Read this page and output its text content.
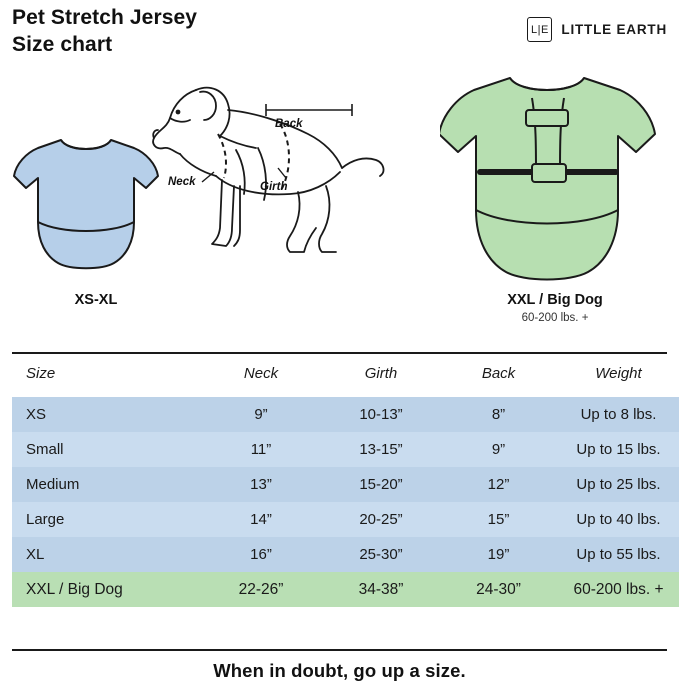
Pet Stretch Jersey
Size chart
L|E LITTLE EARTH
XS-XL
Back
Neck	Girth
XXL / Big Dog
60-200 lbs. +
Size	Neck	Girth	Back	Weight
XS	9”	10-13”	8”	Up to 8 lbs.
Small	11”	13-15”	9”	Up to 15 lbs.
Medium	13”	15-20”	12”	Up to 25 lbs.
Large	14”	20-25”	15”	Up to 40 lbs.
XL	16”	25-30”	19”	Up to 55 lbs.
XXL / Big Dog	22-26”	34-38”	24-30”	60-200 lbs. +
When in doubt, go up a size.
